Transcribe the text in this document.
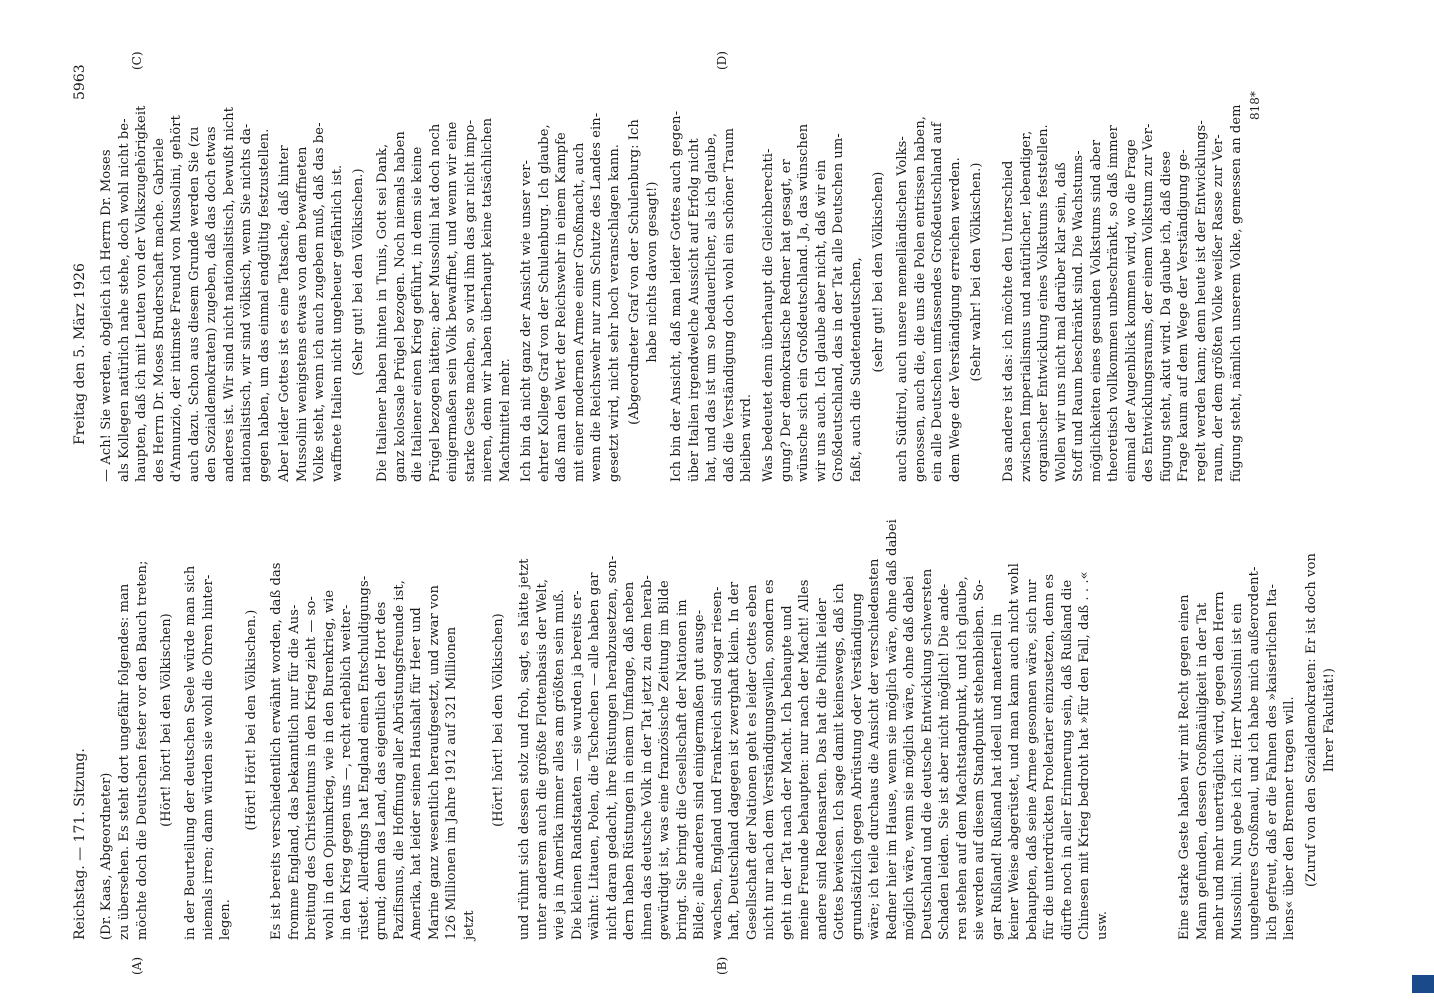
Reichstag. — 171. Sitzung.
Freitag den 5. März 1926
5963
(A)	(B)
(C)	(D)
(Dr. Kaas, Abgeordneter) zu übersehen. Es steht dort ungefähr folgendes: man
möchte doch die Deutschen fester vor den Bauch treten;
(Hört! hört! bei den Völkischen)
in der Beurteilung der deutschen Seele würde man sich
niemals irren; dann würden sie wohl die Ohren hinter-
legen.
(Hört! Hört! bei den Völkischen.)
Es ist bereits verschiedentlich erwähnt worden, daß das
fromme England, das bekanntlich nur für die Aus-
breitung des Christentums in den Krieg zieht — so-
wohl in den Opiumkrieg, wie in den Burenkrieg, wie
in den Krieg gegen uns —, recht erheblich weiter-
rüstet. Allerdings hat England einen Entschuldigungs-
grund; denn das Land, das eigentlich der Hort des
Pazifismus, die Hoffnung aller Abrüstungsfreunde ist,
Amerika, hat leider seinen Haushalt für Heer und
Marine ganz wesentlich heraufgesetzt, und zwar von
126 Millionen im Jahre 1912 auf 321 Millionen
jetzt
(Hört! hört! bei den Völkischen)
und rühmt sich dessen stolz und froh, sagt, es hätte jetzt
unter anderem auch die größte Flottenbasis der Welt,
wie ja in Amerika immer alles am größten sein muß.
Die kleinen Randstaaten — sie wurden ja bereits er-
wähnt: Litauen, Polen, die Tschechen — alle haben gar
nicht daran gedacht, ihre Rüstungen herabzusetzen, son-
dern haben Rüstungen in einem Umfange, daß neben
ihnen das deutsche Volk in der Tat jetzt zu dem herab-
gewürdigt ist, was eine französische Zeitung im Bilde
bringt. Sie bringt die Gesellschaft der Nationen im
Bilde; alle anderen sind einigermaßen gut ausge-
wachsen, England und Frankreich sind sogar riesen-
haft, Deutschland dagegen ist zwerghaft klein. In der
Gesellschaft der Nationen geht es leider Gottes eben
nicht nur nach dem Verständigungswillen, sondern es
geht in der Tat nach der Macht. Ich behaupte und
meine Freunde behaupten: nur nach der Macht! Alles
andere sind Redensarten. Das hat die Politik leider
Gottes bewiesen. Ich sage damit keineswegs, daß ich
grundsätzlich gegen Abrüstung oder Verständigung
wäre; ich teile durchaus die Ansicht der verschiedensten
Redner hier im Hause, wenn sie möglich wäre, ohne daß dabei
möglich wäre, wenn sie möglich wäre, ohne daß dabei
Deutschland und die deutsche Entwicklung schwersten
Schaden leiden. Sie ist aber nicht möglich! Die ande-
ren stehen auf dem Machtstandpunkt, und ich glaube,
sie werden auf diesem Standpunkt stehenbleiben. So-
gar Rußland! Rußland hat ideell und materiell in
keiner Weise abgerüstet, und man kann auch nicht wohl
behaupten, daß seine Armee gesonnen wäre, sich nur
für die unterdrückten Proletarier einzusetzen, denn es
dürfte noch in aller Erinnerung sein, daß Rußland die
Chinesen mit Krieg bedroht hat »für den Fall, daß . . .«
usw.	Eine starke Geste haben wir mit Recht gegen einen
Mann gefunden, dessen Großmäuligkeit in der Tat
mehr und mehr unerträglich wird, gegen den Herrn
Mussolini. Nun gebe ich zu: Herr Mussolini ist ein
ungeheures Großmaul, und ich habe mich außerordent-
lich gefreut, daß er die Fahnen des »kaiserlichen Ita-
liens« über den Brenner tragen will.
(Zuruf von den Sozialdemokraten: Er ist doch von
Ihrer Fakultät!)
— Ach! Sie werden, obgleich ich Herrn Dr. Moses
als Kollegen natürlich nahe stehe, doch wohl nicht be-
haupten, daß ich mit Leuten von der Volkszugehörigkeit
des Herrn Dr. Moses Bruderschaft mache. Gabriele
d'Annunzio, der intimste Freund von Mussolini, gehört
auch dazu. Schon aus diesem Grunde werden Sie (zu
den Sozialdemokraten) zugeben, daß das doch etwas
anderes ist. Wir sind nicht nationalistisch, bewußt nicht
nationalistisch, wir sind völkisch, wenn Sie nichts da-
gegen haben, um das einmal endgültig festzustellen.
Aber leider Gottes ist es eine Tatsache, daß hinter
Mussolini wenigstens etwas von dem bewaffneten
Volke steht, wenn ich auch zugeben muß, daß das be-
waffnete Italien nicht ungeheuer gefährlich ist. (Sehr gut! bei den Völkischen.)
Die Italiener haben hinten in Tunis, Gott sei Dank,
ganz kolossale Prügel bezogen. Noch niemals haben
die Italiener einen Krieg geführt, in dem sie keine
Prügel bezogen hätten; aber Mussolini hat doch noch
einigermaßen sein Volk bewaffnet, und wenn wir eine
starke Geste machen, so wird ihm das gar nicht impo-
nieren, denn wir haben überhaupt keine tatsächlichen
Machtmittel mehr.
Ich bin da nicht ganz der Ansicht wie unser ver-
ehrter Kollege Graf von der Schulenburg. Ich glaube,
daß man den Wert der Reichswehr in einem Kampfe
mit einer modernen Armee einer Großmacht, auch
wenn die Reichswehr nur zum Schutze des Landes ein-
gesetzt wird, nicht sehr hoch veranschlagen kann.
(Abgeordneter Graf von der Schulenburg: Ich
habe nichts davon gesagt!)
Ich bin der Ansicht, daß man leider Gottes auch gegen-
über Italien irgendwelche Aussicht auf Erfolg nicht
hat, und das ist um so bedauerlicher, als ich glaube,
daß die Verständigung doch wohl ein schöner Traum
bleiben wird.
Was bedeutet denn überhaupt die Gleichberechti-
gung? Der demokratische Redner hat gesagt, er
wünsche sich ein Großdeutschland. Ja, das wünschen
wir uns auch. Ich glaube aber nicht, daß wir ein
Großdeutschland, das in der Tat alle Deutschen um-
faßt, auch die Sudetendeutschen, (sehr gut! bei den Völkischen)
auch Südtirol, auch unsere memelländischen Volks-
genossen, auch die, die uns die Polen entrissen haben,
ein alle Deutschen umfassendes Großdeutschland auf
dem Wege der Verständigung erreichen werden. (Sehr wahr! bei den Völkischen.)
Das andere ist das: ich möchte den Unterschied
zwischen Imperialismus und natürlicher, lebendiger,
organischer Entwicklung eines Volkstums feststellen.
Wollen wir uns nicht mal darüber klar sein, daß
Stoff und Raum beschränkt sind. Die Wachstums-
möglichkeiten eines gesunden Volkstums sind aber
theoretisch vollkommen unbeschränkt, so daß immer
einmal der Augenblick kommen wird, wo die Frage
des Entwicklungsraums, der einem Volkstum zur Ver-
fügung steht, akut wird. Da glaube ich, daß diese
Frage kaum auf dem Wege der Verständigung ge-
regelt werden kann; denn heute ist der Entwicklungs-
raum, der dem größten Volke weißer Rasse zur Ver-
fügung steht, nämlich unserem Volke, gemessen an dem 818*
